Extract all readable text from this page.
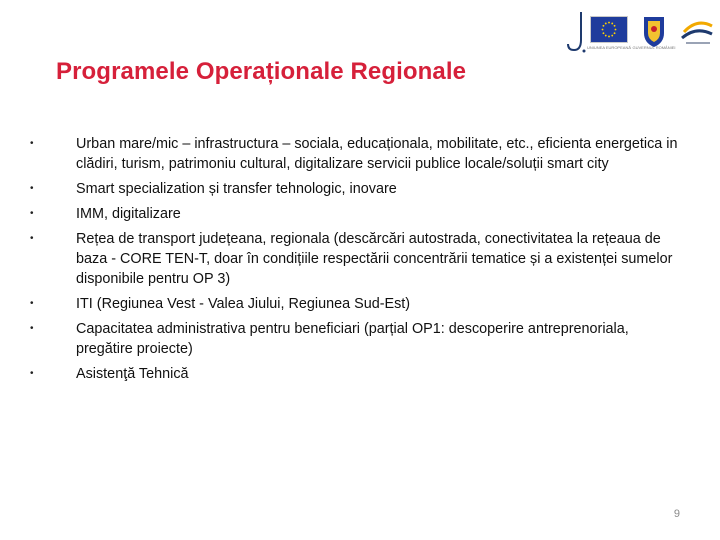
UNIUNEA EUROPEANĂ GUVERNUL ROMÂNIEI
Programele Operaționale Regionale
•	Urban mare/mic – infrastructura – sociala, educaționala, mobilitate, etc., eficienta energetica in clădiri, turism, patrimoniu cultural, digitalizare servicii publice locale/soluții smart city
•	Smart specialization și transfer tehnologic, inovare
•	IMM, digitalizare
•	Rețea de transport județeana, regionala (descărcări autostrada, conectivitatea la rețeaua de baza - CORE TEN-T, doar în condițiile respectării concentrării tematice și a existenței sumelor disponibile pentru OP 3)
•	ITI (Regiunea Vest - Valea Jiului, Regiunea Sud-Est)
•	Capacitatea administrativa pentru beneficiari (parțial OP1: descoperire antreprenoriala, pregătire proiecte)
•	Asistenţă Tehnică
9
